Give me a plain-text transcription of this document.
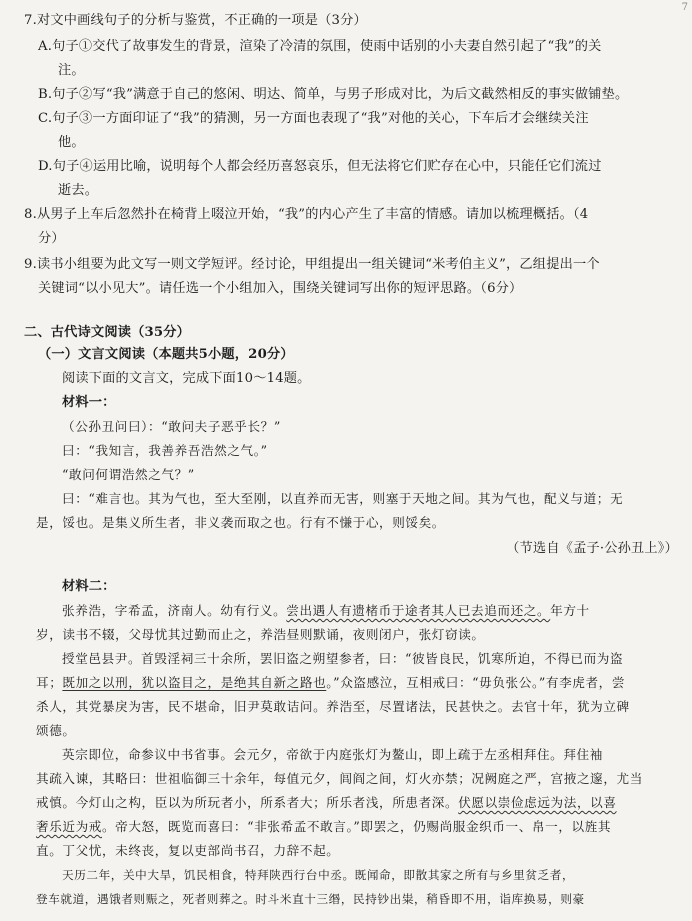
7

7.对文中画线句子的分析与鉴赏，不正确的一项是（3分）

A.句子①交代了故事发生的背景，渲染了冷清的氛围，使雨中话别的小夫妻自然引起了“我”的关

注。

B.句子②写“我”满意于自己的悠闲、明达、简单，与男子形成对比，为后文截然相反的事实做铺垫。

C.句子③一方面印证了“我”的猜测，另一方面也表现了“我”对他的关心，下车后才会继续关注

他。

D.句子④运用比喻，说明每个人都会经历喜怒哀乐，但无法将它们贮存在心中，只能任它们流过

逝去。

8.从男子上车后忽然扑在椅背上啜泣开始，“我”的内心产生了丰富的情感。请加以梳理概括。（4

分）

9.读书小组要为此文写一则文学短评。经讨论，甲组提出一组关键词“米考伯主义”，乙组提出一个

关键词“以小见大”。请任选一个小组加入，围绕关键词写出你的短评思路。（6分）

二、古代诗文阅读（35分）

（一）文言文阅读（本题共5小题，20分）

阅读下面的文言文，完成下面10～14题。

材料一：

（公孙丑问曰）：“敢问夫子恶乎长？”

曰：“我知言，我善养吾浩然之气。”

“敢问何谓浩然之气？”

曰：“难言也。其为气也，至大至刚，以直养而无害，则塞于天地之间。其为气也，配义与道；无

是，馁也。是集义所生者，非义袭而取之也。行有不慊于心，则馁矣。

（节选自《孟子·公孙丑上》）

材料二：

张养浩，字希孟，济南人。幼有行义。尝出遇人有遗楮币于途者其人已去追而还之。年方十

岁，读书不辍，父母忧其过勤而止之，养浩昼则默诵，夜则闭户，张灯窃读。

授堂邑县尹。首毁淫祠三十余所，罢旧盗之朔望参者，曰：“彼皆良民，饥寒所迫，不得已而为盗

耳；既加之以刑，犹以盗目之，是绝其自新之路也。”众盗感泣，互相戒曰：“毋负张公。”有李虎者，尝

杀人，其党暴戾为害，民不堪命，旧尹莫敢诘问。养浩至，尽置诸法，民甚快之。去官十年，犹为立碑

颂德。

英宗即位，命参议中书省事。会元夕，帝欲于内庭张灯为鳌山，即上疏于左丞相拜住。拜住袖

其疏入谏，其略曰：世祖临御三十余年，每值元夕，闾阎之间，灯火亦禁；况阙庭之严，宫掖之邃，尤当

戒慎。今灯山之构，臣以为所玩者小，所系者大；所乐者浅，所患者深。伏愿以崇俭虑远为法，以喜

奢乐近为戒。帝大怒，既览而喜曰：“非张希孟不敢言。”即罢之，仍赐尚服金织币一、帛一，以旌其

直。丁父忧，未终丧，复以吏部尚书召，力辞不起。

天历二年，关中大旱，饥民相食，特拜陕西行台中丞。既闻命，即散其家之所有与乡里贫乏者，

登车就道，遇饿者则赈之，死者则葬之。时斗米直十三缗，民持钞出粜，稍昏即不用，诣库换易，则豪
